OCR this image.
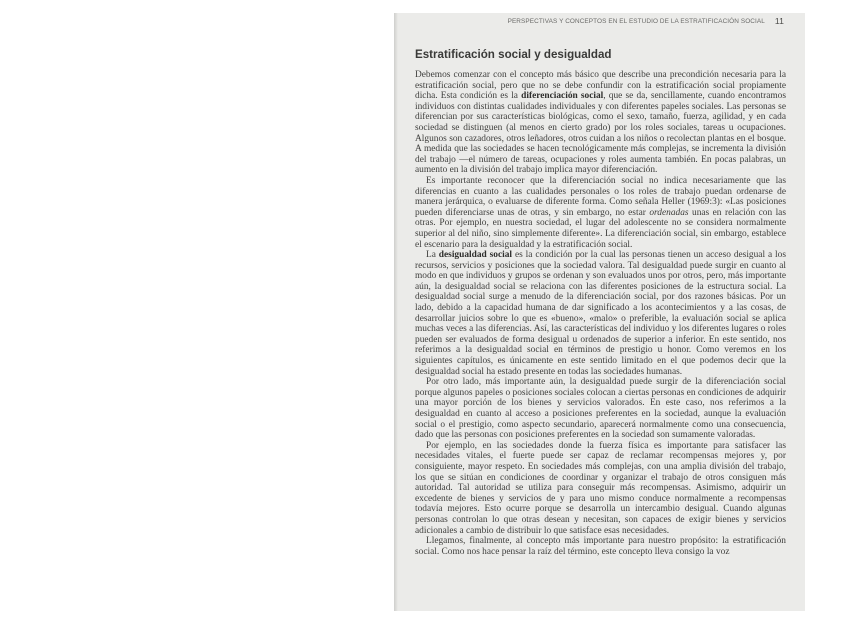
PERSPECTIVAS Y CONCEPTOS EN EL ESTUDIO DE LA ESTRATIFICACIÓN SOCIAL 11
Estratificación social y desigualdad

Debemos comenzar con el concepto más básico que describe una precondición necesaria para la estratificación social, pero que no se debe confundir con la estratificación social propiamente dicha. Esta condición es la diferenciación social, que se da, sencillamente, cuando encontramos individuos con distintas cualidades individuales y con diferentes papeles sociales. Las personas se diferencian por sus características biológicas, como el sexo, tamaño, fuerza, agilidad, y en cada sociedad se distinguen (al menos en cierto grado) por los roles sociales, tareas u ocupaciones. Algunos son cazadores, otros leñadores, otros cuidan a los niños o recolectan plantas en el bosque. A medida que las sociedades se hacen tecnológicamente más complejas, se incrementa la división del trabajo —el número de tareas, ocupaciones y roles aumenta también. En pocas palabras, un aumento en la división del trabajo implica mayor diferenciación.

Es importante reconocer que la diferenciación social no indica necesariamente que las diferencias en cuanto a las cualidades personales o los roles de trabajo puedan ordenarse de manera jerárquica, o evaluarse de diferente forma. Como señala Heller (1969:3): «Las posiciones pueden diferenciarse unas de otras, y sin embargo, no estar ordenadas unas en relación con las otras. Por ejemplo, en nuestra sociedad, el lugar del adolescente no se considera normalmente superior al del niño, sino simplemente diferente». La diferenciación social, sin embargo, establece el escenario para la desigualdad y la estratificación social.

La desigualdad social es la condición por la cual las personas tienen un acceso desigual a los recursos, servicios y posiciones que la sociedad valora. Tal desigualdad puede surgir en cuanto al modo en que individuos y grupos se ordenan y son evaluados unos por otros, pero, más importante aún, la desigualdad social se relaciona con las diferentes posiciones de la estructura social. La desigualdad social surge a menudo de la diferenciación social, por dos razones básicas. Por un lado, debido a la capacidad humana de dar significado a los acontecimientos y a las cosas, de desarrollar juicios sobre lo que es «bueno», «malo» o preferible, la evaluación social se aplica muchas veces a las diferencias. Así, las características del individuo y los diferentes lugares o roles pueden ser evaluados de forma desigual u ordenados de superior a inferior. En este sentido, nos referimos a la desigualdad social en términos de prestigio u honor. Como veremos en los siguientes capítulos, es únicamente en este sentido limitado en el que podemos decir que la desigualdad social ha estado presente en todas las sociedades humanas.

Por otro lado, más importante aún, la desigualdad puede surgir de la diferenciación social porque algunos papeles o posiciones sociales colocan a ciertas personas en condiciones de adquirir una mayor porción de los bienes y servicios valorados. En este caso, nos referimos a la desigualdad en cuanto al acceso a posiciones preferentes en la sociedad, aunque la evaluación social o el prestigio, como aspecto secundario, aparecerá normalmente como una consecuencia, dado que las personas con posiciones preferentes en la sociedad son sumamente valoradas.

Por ejemplo, en las sociedades donde la fuerza física es importante para satisfacer las necesidades vitales, el fuerte puede ser capaz de reclamar recompensas mejores y, por consiguiente, mayor respeto. En sociedades más complejas, con una amplia división del trabajo, los que se sitúan en condiciones de coordinar y organizar el trabajo de otros consiguen más autoridad. Tal autoridad se utiliza para conseguir más recompensas. Asimismo, adquirir un excedente de bienes y servicios de y para uno mismo conduce normalmente a recompensas todavía mejores. Esto ocurre porque se desarrolla un intercambio desigual. Cuando algunas personas controlan lo que otras desean y necesitan, son capaces de exigir bienes y servicios adicionales a cambio de distribuir lo que satisface esas necesidades.

Llegamos, finalmente, al concepto más importante para nuestro propósito: la estratificación social. Como nos hace pensar la raíz del término, este concepto lleva consigo la voz
